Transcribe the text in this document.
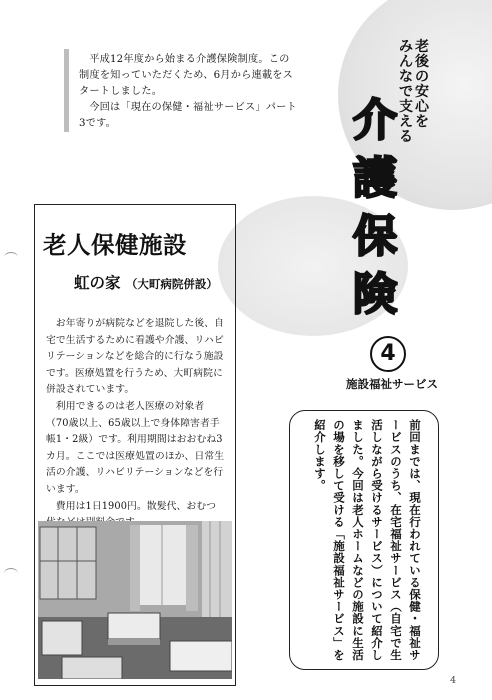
平成12年度から始まる介護保険制度。この制度を知っていただくため、6月から連載をスタートしました。

今回は「現在の保健・福祉サービス」パート3です。

老
後
の
安
心
を
み
ん
な
で
支
え
る
介
護
保
険
4
施設福祉サービス
老人保健施設
虹の家 （大町病院併設）

お年寄りが病院などを退院した後、自宅で生活するために看護や介護、リハビリテーションなどを総合的に行なう施設です。医療処置を行うため、大町病院に併設されています。

利用できるのは老人医療の対象者（70歳以上、65歳以上で身体障害者手帳1・2級）です。利用期間はおおむね3カ月。ここでは医療処置のほか、日常生活の介護、リハビリテーションなどを行います。

費用は1日1900円。散髪代、おむつ	前回までは、現在行われている保健・福祉サービスのうち、在宅福祉サービス（自宅で生活しながら受けるサービス）について紹介しました。今回は老人ホームなどの施設に生活の場を移して受ける「施設福祉サービス」を紹介します。
4
